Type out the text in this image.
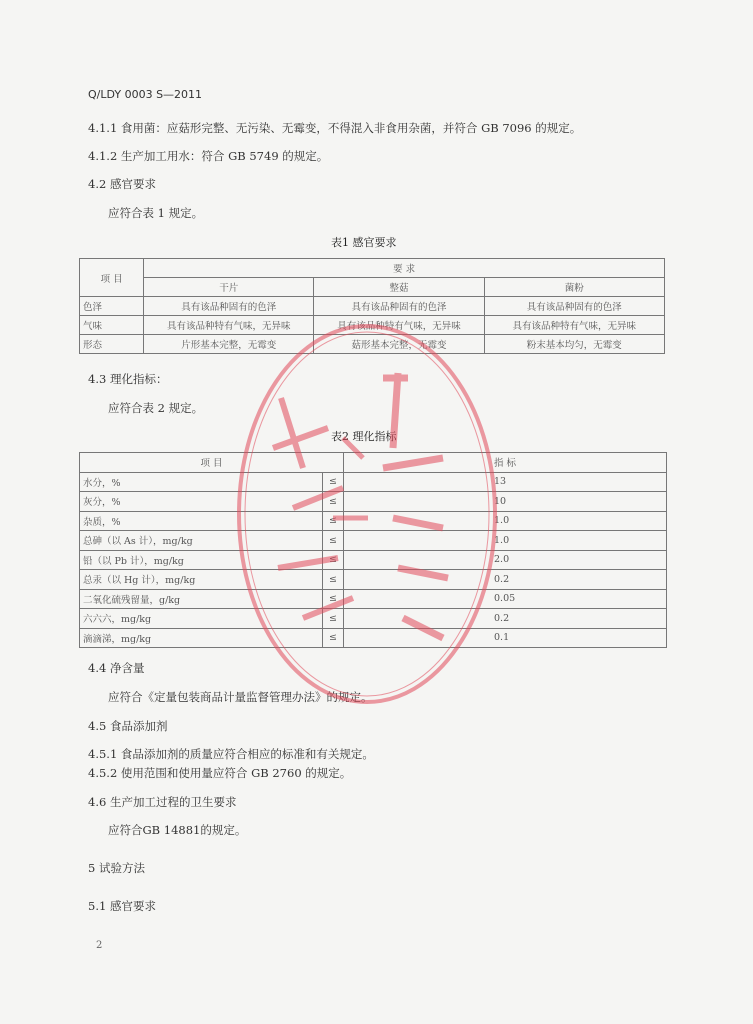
Q/LDY 0003 S—2011
4.1.1 食用菌：应菇形完整、无污染、无霉变，不得混入非食用杂菌，并符合 GB 7096 的规定。
4.1.2 生产加工用水：符合 GB 5749 的规定。
4.2 感官要求
应符合表 1 规定。
表1 感官要求
项 目	要 求		
	干片	整菇	菌粉
色泽	具有该品种固有的色泽	具有该品种固有的色泽	具有该品种固有的色泽
气味	具有该品种特有气味，无异味	具有该品种特有气味，无异味	具有该品种特有气味，无异味
形态	片形基本完整，无霉变	菇形基本完整，无霉变	粉末基本均匀，无霉变
4.3 理化指标：
应符合表 2 规定。
表2 理化指标
项 目		指 标
水分，%	≤	13
灰分，%	≤	10
杂质，%	≤	1.0
总砷（以 As 计），mg/kg	≤	1.0
铅（以 Pb 计），mg/kg	≤	2.0
总汞（以 Hg 计），mg/kg	≤	0.2
二氧化硫残留量，g/kg	≤	0.05
六六六，mg/kg	≤	0.2
滴滴涕，mg/kg	≤	0.1
4.4 净含量
应符合《定量包装商品计量监督管理办法》的规定。
4.5 食品添加剂
4.5.1 食品添加剂的质量应符合相应的标准和有关规定。
4.5.2 使用范围和使用量应符合 GB 2760 的规定。
4.6 生产加工过程的卫生要求
应符合GB 14881的规定。
5 试验方法
5.1 感官要求
2
